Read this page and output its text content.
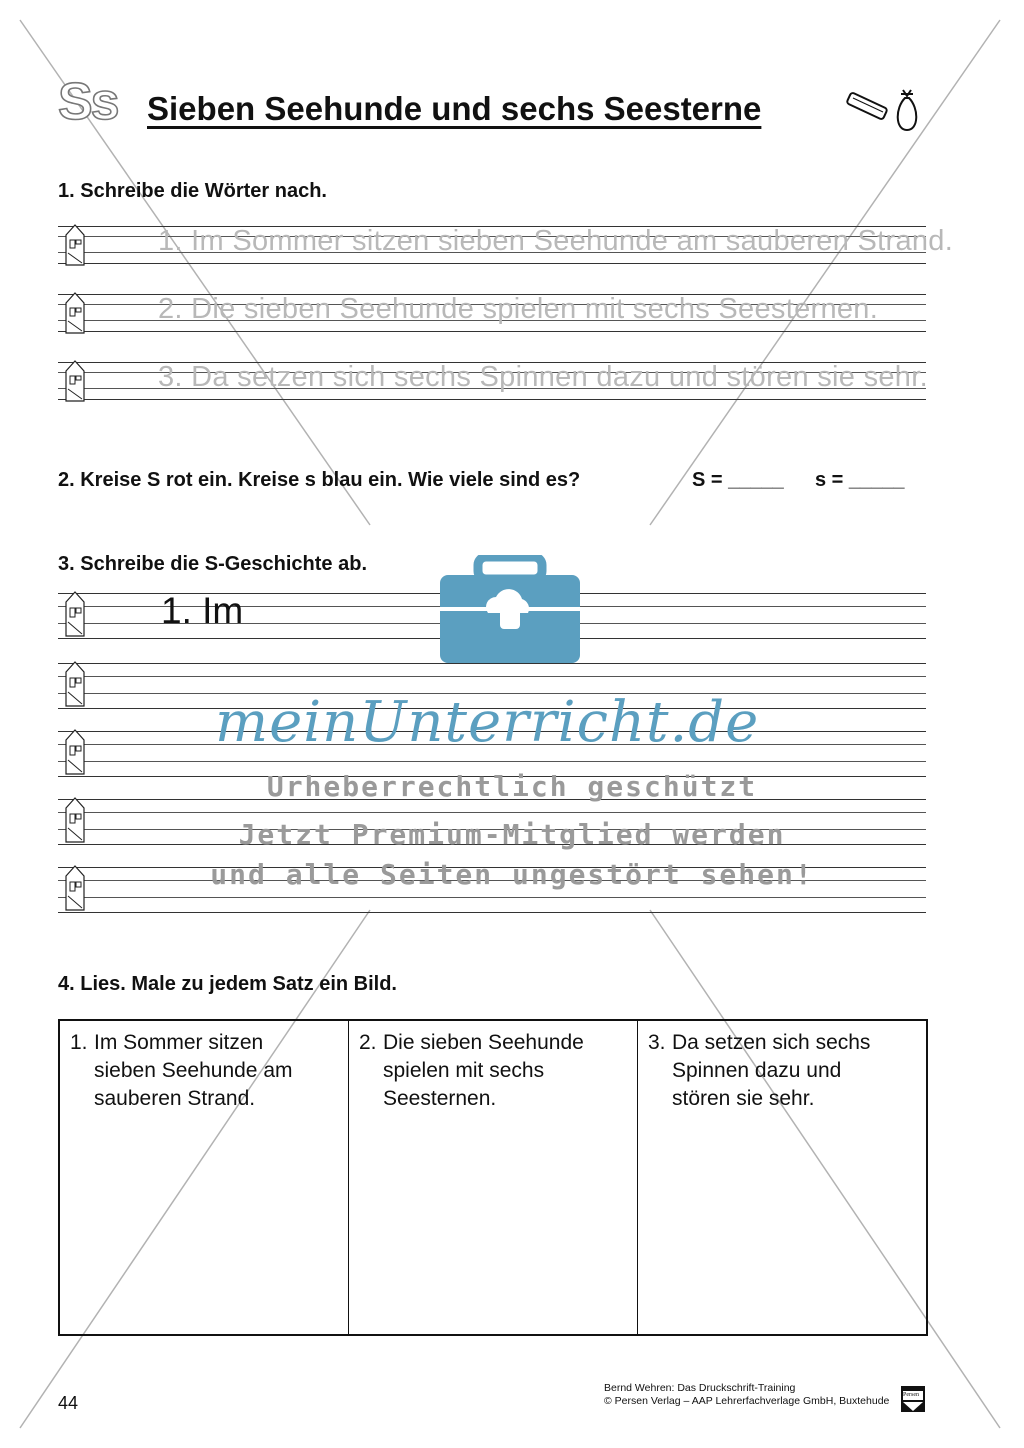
Ss Sieben Seehunde und sechs Seesterne
1. Schreibe die Wörter nach.
1. Im Sommer sitzen sieben Seehunde am sauberen Strand.
2. Die sieben Seehunde spielen mit sechs Seesternen.
3. Da setzen sich sechs Spinnen dazu und stören sie sehr.
2. Kreise S rot ein. Kreise s blau ein. Wie viele sind es?	S = _____ s = _____
3. Schreibe die S-Geschichte ab.
1. Im
4. Lies. Male zu jedem Satz ein Bild.
1. Im Sommer sitzen
sieben Seehunde am
sauberen Strand.
2. Die sieben Seehunde
spielen mit sechs
Seesternen.
3. Da setzen sich sechs
Spinnen dazu und
stören sie sehr.
meinUnterricht.de
Urheberrechtlich geschützt
Jetzt Premium-Mitglied werden
und alle Seiten ungestört sehen!
44
Bernd Wehren: Das Druckschrift-Training
© Persen Verlag – AAP Lehrerfachverlage GmbH, Buxtehude Persen
